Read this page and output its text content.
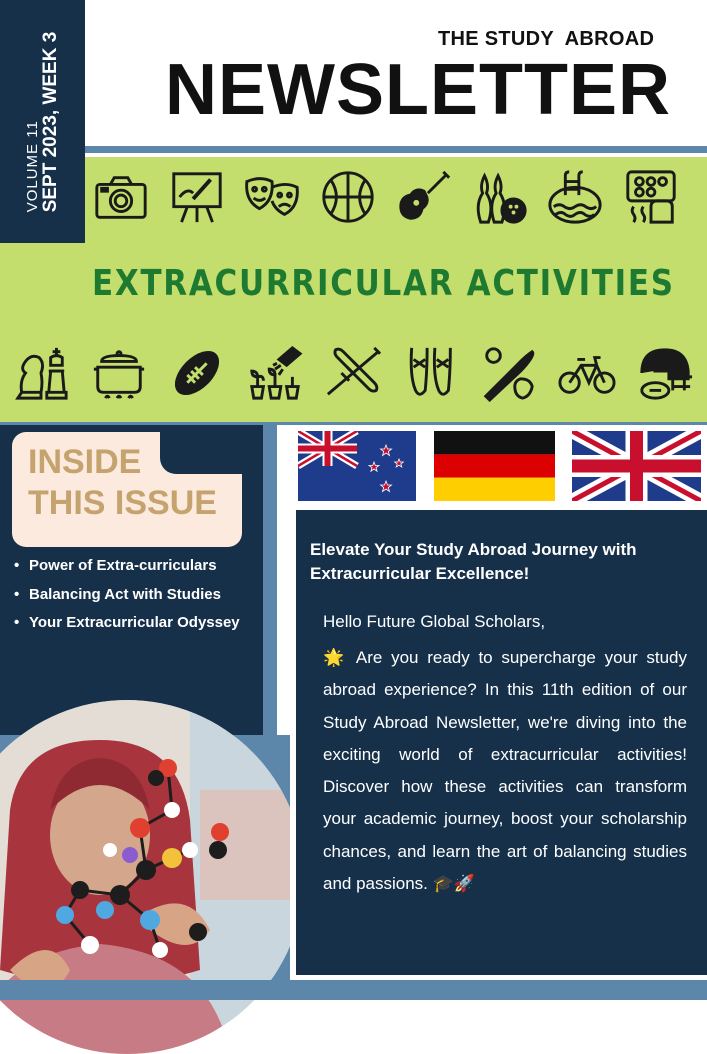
VOLUME 11
SEPT 2023, WEEK 3	THE STUDY  ABROAD
NEWSLETTER
EXTRACURRICULAR ACTIVITIES
INSIDE
THIS ISSUE
• Power of Extra-curriculars
• Balancing Act with Studies
• Your Extracurricular Odyssey
Elevate Your Study Abroad Journey with Extracurricular Excellence!
Hello Future Global Scholars,
🌟 Are you ready to supercharge your study abroad experience? In this 11th edition of our Study Abroad Newsletter, we're diving into the exciting world of extracurricular activities! Discover how these activities can transform your academic journey, boost your scholarship chances, and learn the art of balancing studies and passions. 🎓🚀
